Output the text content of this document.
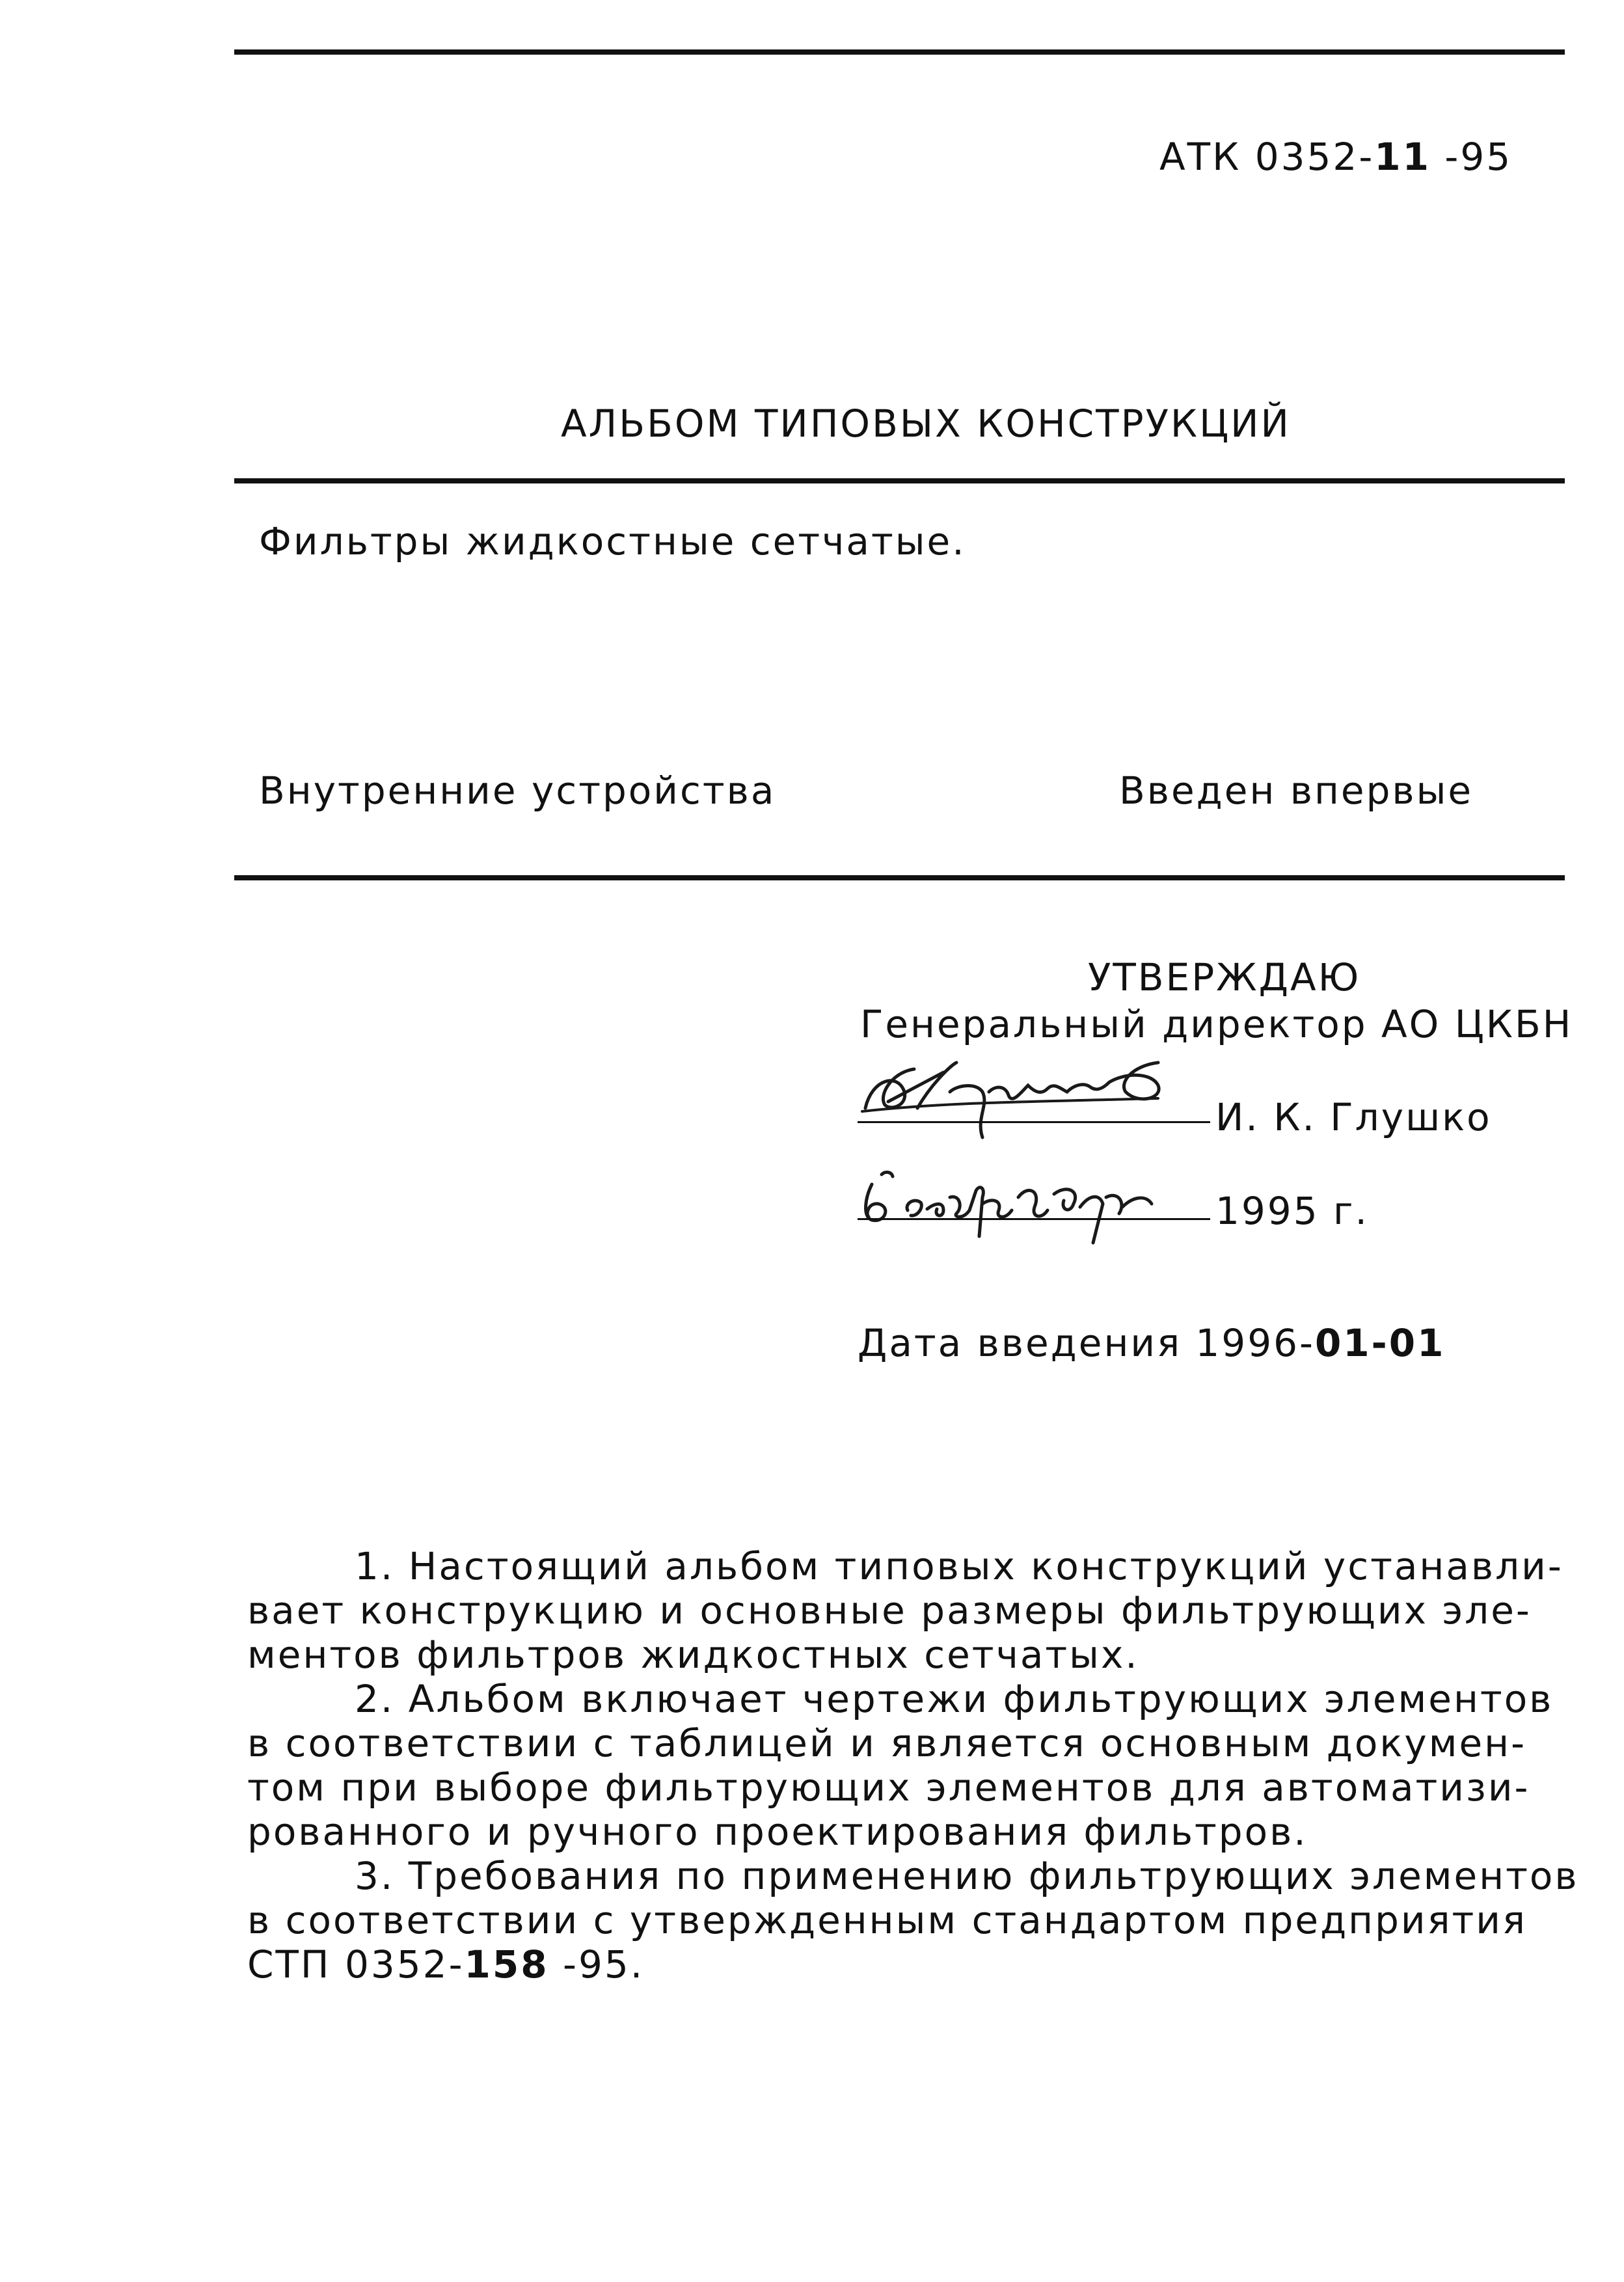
АТК 0352-11 -95
АЛЬБОМ ТИПОВЫХ КОНСТРУКЦИЙ
Фильтры жидкостные сетчатые.
Внутренние устройства	Введен впервые
УТВЕРЖДАЮ
Генеральный директор АО ЦКБН
И. К. Глушко
1995 г.
Дата введения 1996-01-01
1. Настоящий альбом типовых конструкций устанавли-
вает конструкцию и основные размеры фильтрующих эле-
ментов фильтров жидкостных сетчатых.
2. Альбом включает чертежи фильтрующих элементов
в соответствии с таблицей и является основным докумен-
том при выборе фильтрующих элементов для автоматизи-
рованного и ручного проектирования фильтров.
3. Требования по применению фильтрующих элементов
в соответствии с утвержденным стандартом предприятия
СТП 0352-158 -95.
